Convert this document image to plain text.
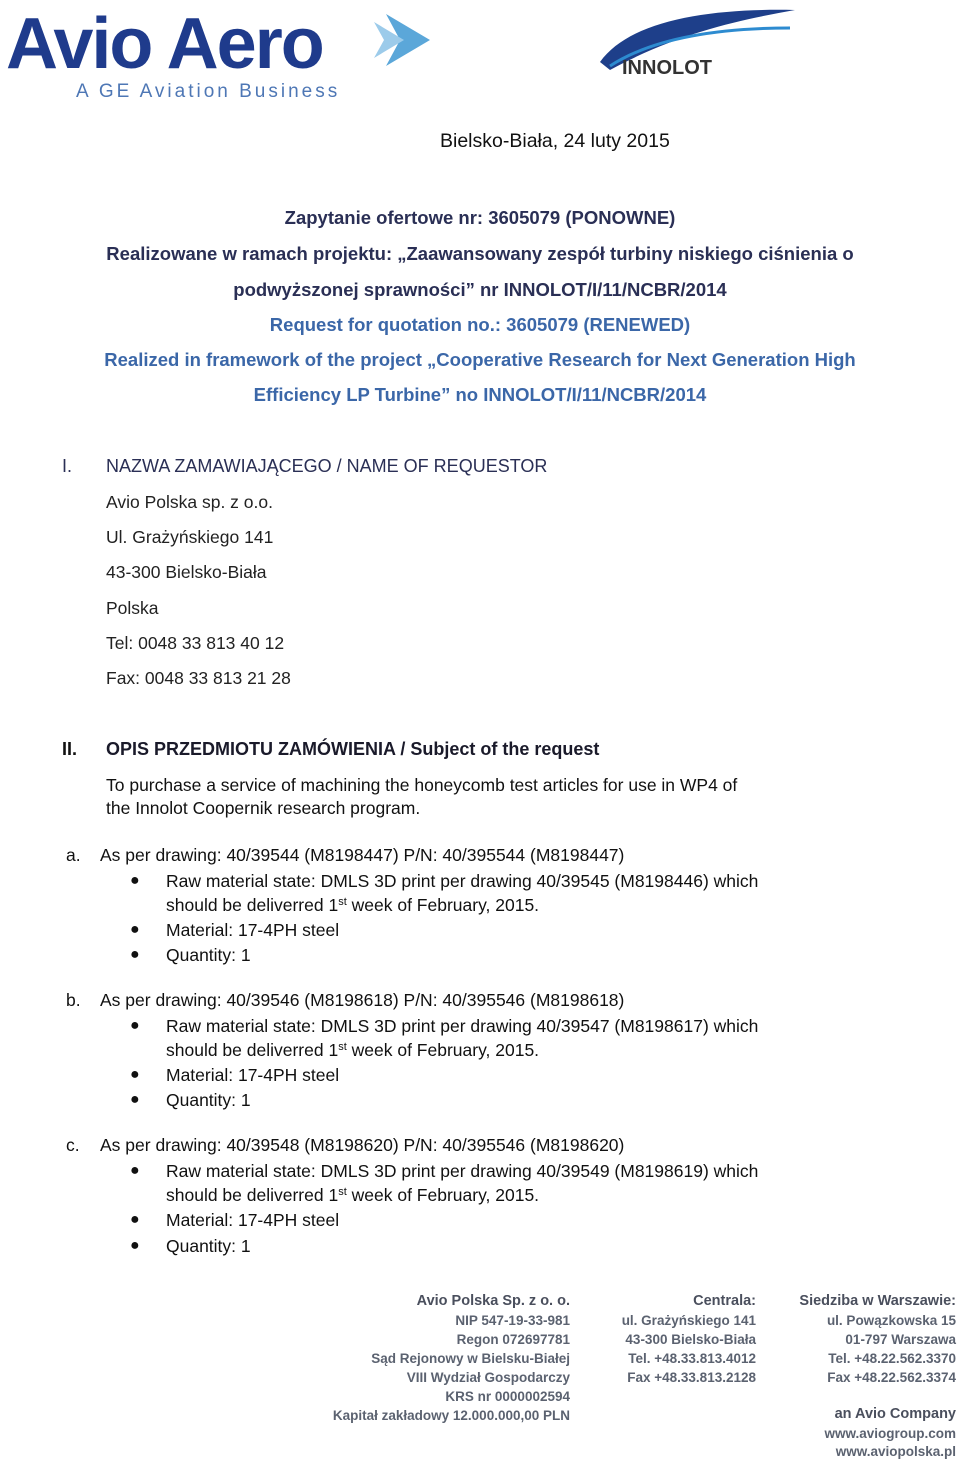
Avio Aero
A GE Aviation Business
INNOLOT
Bielsko-Biała, 24 luty 2015
Zapytanie ofertowe nr: 3605079 (PONOWNE)
Realizowane w ramach projektu: „Zaawansowany zespół turbiny niskiego ciśnienia o
podwyższonej sprawności” nr INNOLOT/I/11/NCBR/2014
Request for quotation no.: 3605079 (RENEWED)
Realized in framework of the project „Cooperative Research for Next Generation High
Efficiency LP Turbine” no INNOLOT/I/11/NCBR/2014
I. NAZWA ZAMAWIAJĄCEGO / NAME OF REQUESTOR
Avio Polska sp. z o.o.
Ul. Grażyńskiego 141
43-300 Bielsko-Biała
Polska
Tel: 0048 33 813 40 12
Fax: 0048 33 813 21 28
II. OPIS PRZEDMIOTU ZAMÓWIENIA / Subject of the request
To purchase a service of machining the honeycomb test articles for use in WP4 of
the Innolot Coopernik research program.
a. As per drawing: 40/39544 (M8198447) P/N: 40/395544 (M8198447)
● Raw material state: DMLS 3D print per drawing 40/39545 (M8198446) which
should be deliverred 1st week of February, 2015.
● Material: 17-4PH steel
● Quantity: 1
b. As per drawing: 40/39546 (M8198618) P/N: 40/395546 (M8198618)
● Raw material state: DMLS 3D print per drawing 40/39547 (M8198617) which
should be deliverred 1st week of February, 2015.
● Material: 17-4PH steel
● Quantity: 1
c. As per drawing: 40/39548 (M8198620) P/N: 40/395546 (M8198620)
● Raw material state: DMLS 3D print per drawing 40/39549 (M8198619) which
should be deliverred 1st week of February, 2015.
● Material: 17-4PH steel
● Quantity: 1
Avio Polska Sp. z o. o.
NIP 547-19-33-981
Regon 072697781
Sąd Rejonowy w Bielsku-Białej
VIII Wydział Gospodarczy
KRS nr 0000002594
Kapitał zakładowy 12.000.000,00 PLN
Centrala:
ul. Grażyńskiego 141
43-300 Bielsko-Biała
Tel. +48.33.813.4012
Fax +48.33.813.2128
Siedziba w Warszawie:
ul. Powązkowska 15
01-797 Warszawa
Tel. +48.22.562.3370
Fax +48.22.562.3374
an Avio Company
www.aviogroup.com
www.aviopolska.pl
